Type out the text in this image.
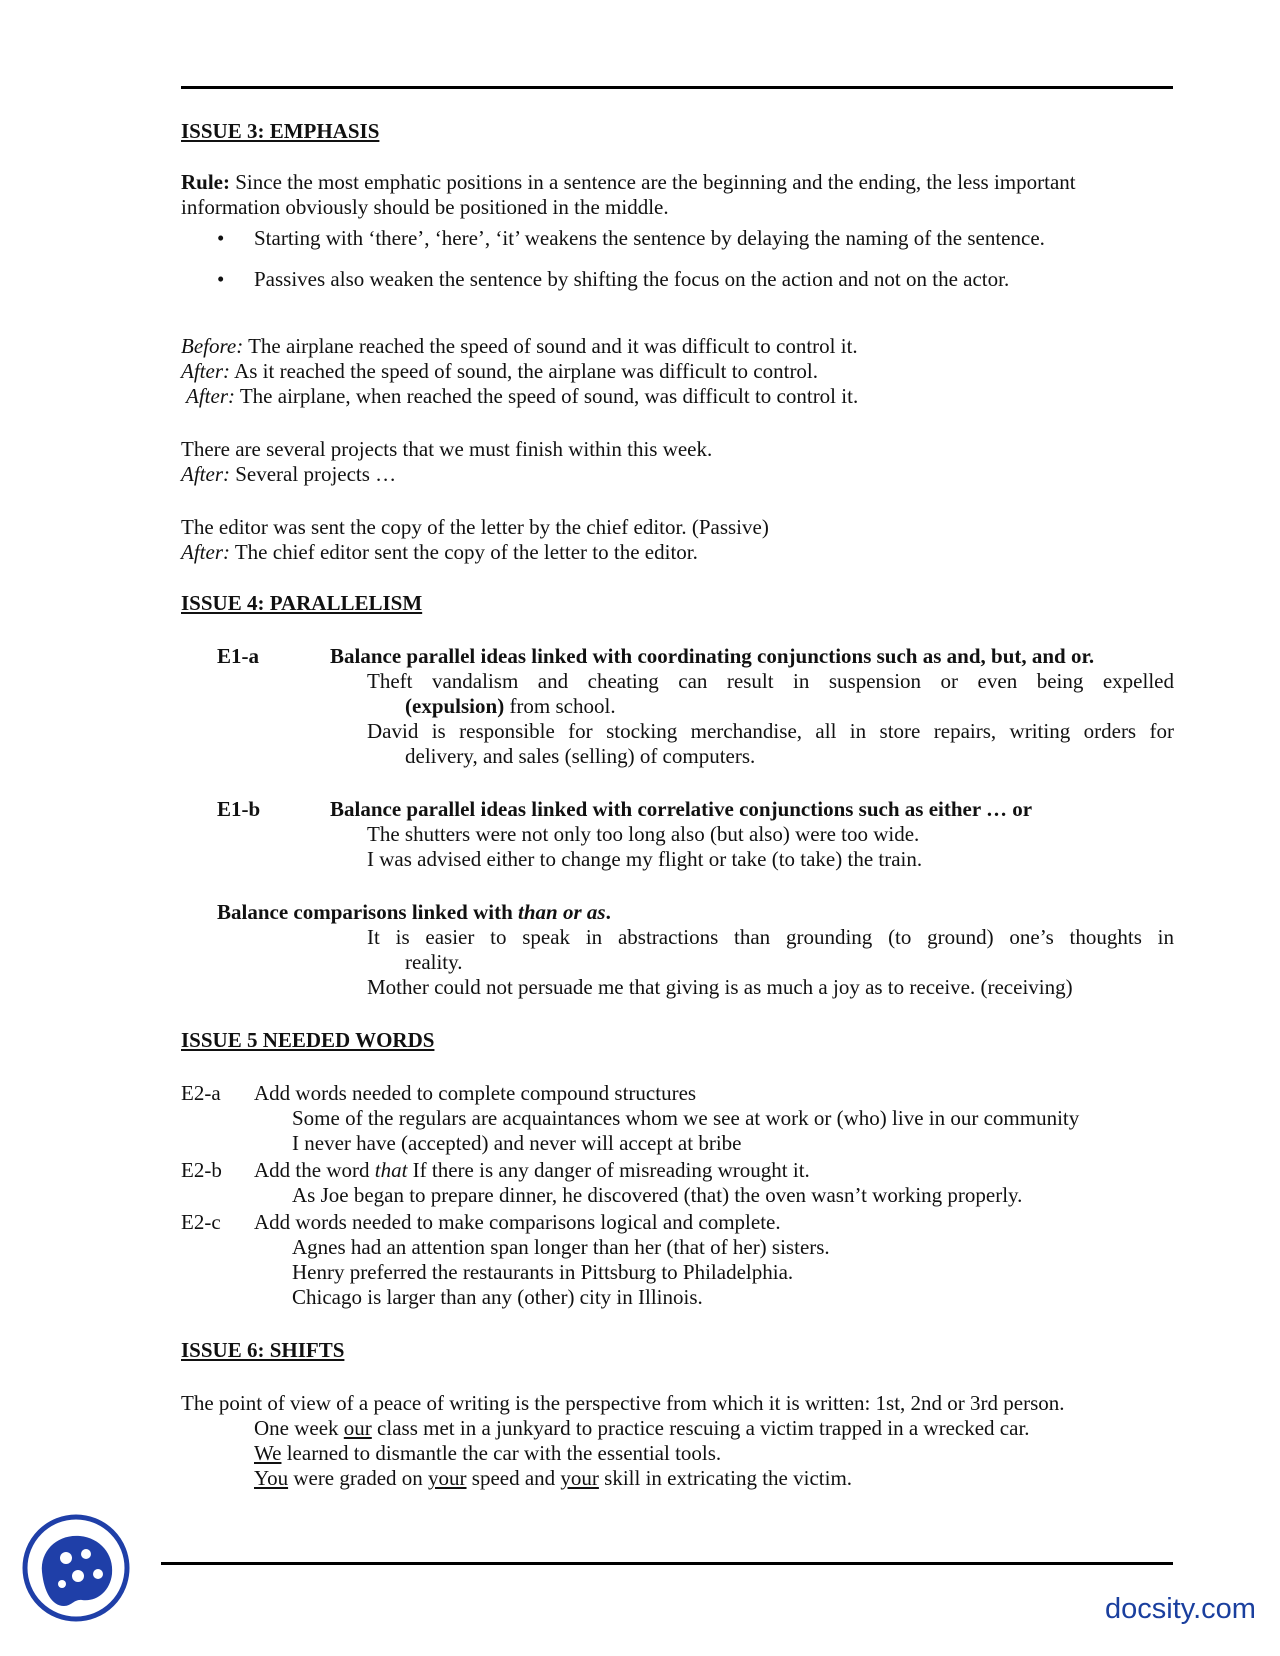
ISSUE 3: EMPHASIS
Rule: Since the most emphatic positions in a sentence are the beginning and the ending, the less important
information obviously should be positioned in the middle.
• Starting with ‘there’, ‘here’, ‘it’ weakens the sentence by delaying the naming of the sentence.
• Passives also weaken the sentence by shifting the focus on the action and not on the actor.
Before: The airplane reached the speed of sound and it was difficult to control it.
After: As it reached the speed of sound, the airplane was difficult to control.
After: The airplane, when reached the speed of sound, was difficult to control it.
There are several projects that we must finish within this week.
After: Several projects …
The editor was sent the copy of the letter by the chief editor. (Passive)
After: The chief editor sent the copy of the letter to the editor.
ISSUE 4: PARALLELISM
E1-a	Balance parallel ideas linked with coordinating conjunctions such as and, but, and or.
Theft vandalism and cheating can result in suspension or even being expelled
(expulsion) from school.
David is responsible for stocking merchandise, all in store repairs, writing orders for
delivery, and sales (selling) of computers.
E1-b	Balance parallel ideas linked with correlative conjunctions such as either … or
The shutters were not only too long also (but also) were too wide.
I was advised either to change my flight or take (to take) the train.
Balance comparisons linked with than or as.
It is easier to speak in abstractions than grounding (to ground) one’s thoughts in
reality.
Mother could not persuade me that giving is as much a joy as to receive. (receiving)
ISSUE 5 NEEDED WORDS
E2-a Add words needed to complete compound structures
Some of the regulars are acquaintances whom we see at work or (who) live in our community
I never have (accepted) and never will accept at bribe
E2-b Add the word that If there is any danger of misreading wrought it.
As Joe began to prepare dinner, he discovered (that) the oven wasn’t working properly.
E2-c Add words needed to make comparisons logical and complete.
Agnes had an attention span longer than her (that of her) sisters.
Henry preferred the restaurants in Pittsburg to Philadelphia.
Chicago is larger than any (other) city in Illinois.
ISSUE 6: SHIFTS
The point of view of a peace of writing is the perspective from which it is written: 1st, 2nd or 3rd person.
One week our class met in a junkyard to practice rescuing a victim trapped in a wrecked car.
We learned to dismantle the car with the essential tools.
You were graded on your speed and your skill in extricating the victim.
docsity.com
